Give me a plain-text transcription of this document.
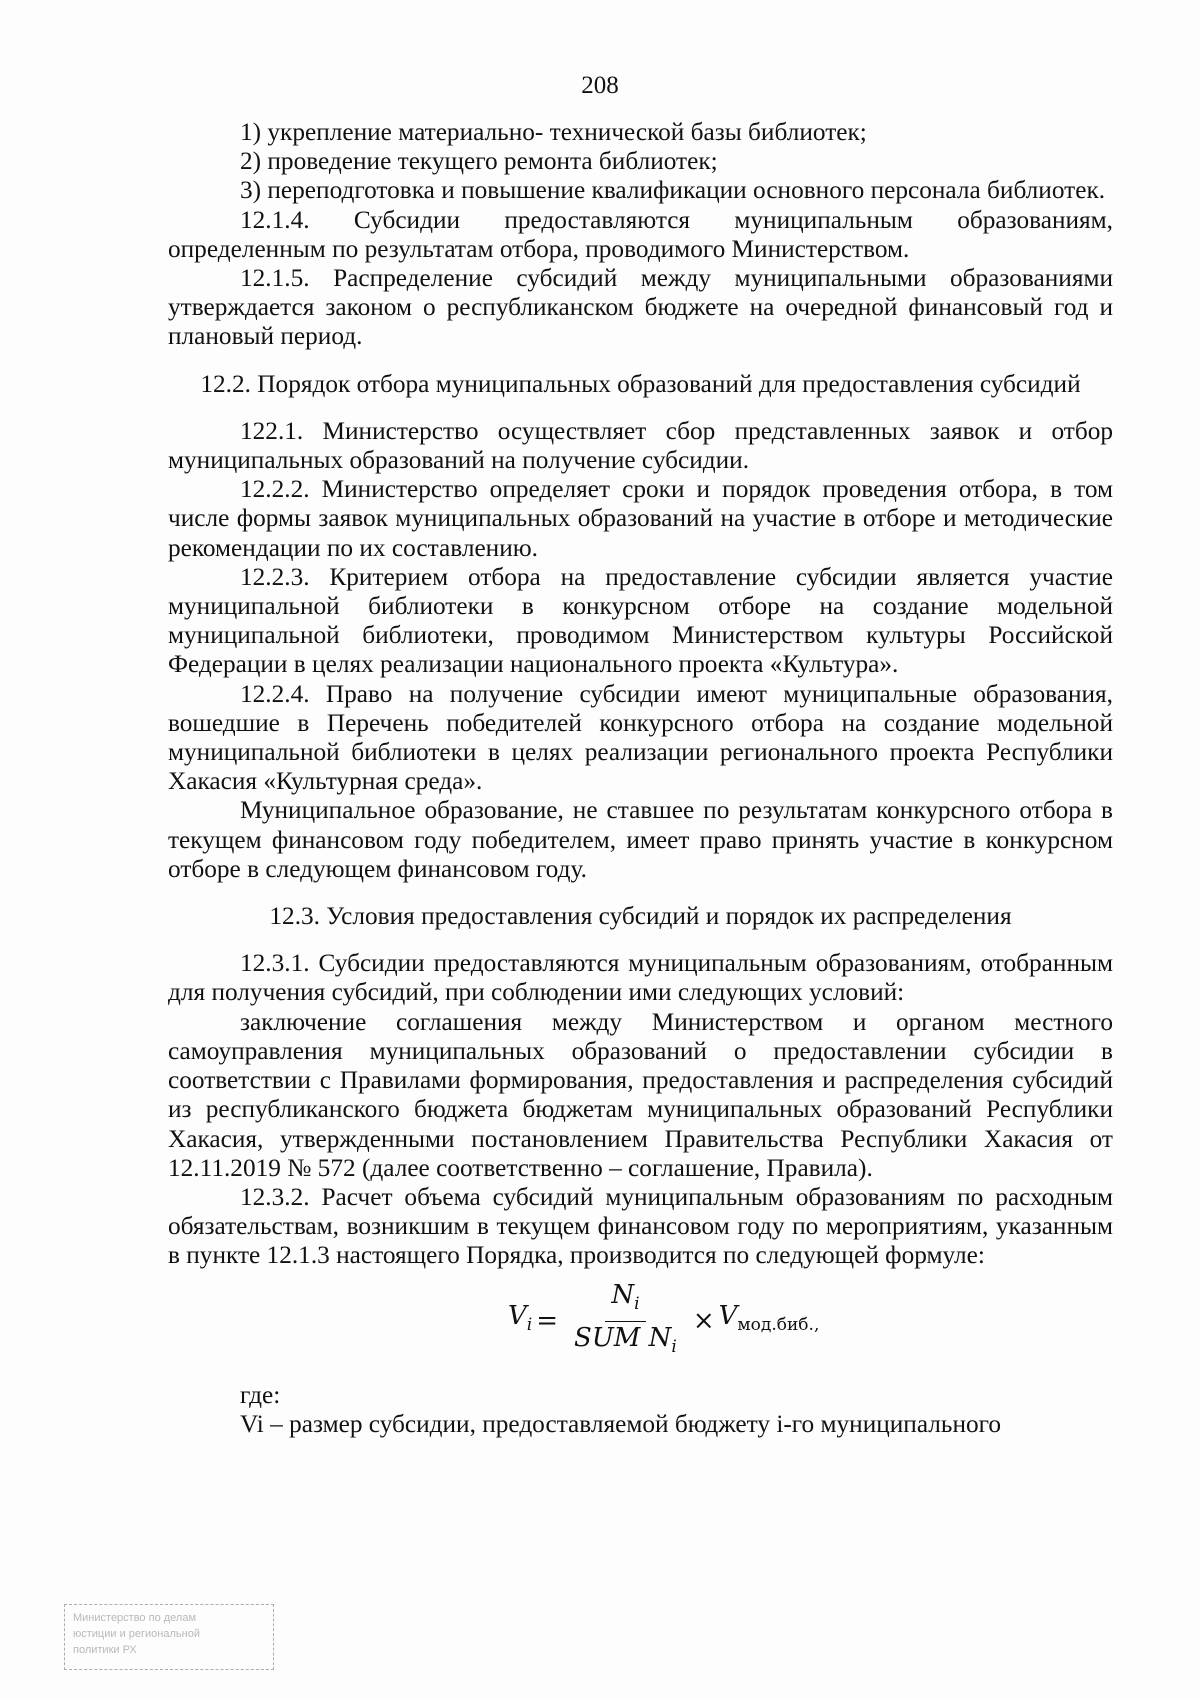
208

1) укрепление материально- технической базы библиотек;

2) проведение текущего ремонта библиотек;

3) переподготовка и повышение квалификации основного персонала библиотек.

12.1.4. Субсидии предоставляются муниципальным образованиям, определенным по результатам отбора, проводимого Министерством.

12.1.5. Распределение субсидий между муниципальными образованиями утверждается законом о республиканском бюджете на очередной финансовый год и плановый период.

12.2. Порядок отбора муниципальных образований для предоставления субсидий

122.1. Министерство осуществляет сбор представленных заявок и отбор муниципальных образований на получение субсидии.

12.2.2. Министерство определяет сроки и порядок проведения отбора, в том числе формы заявок муниципальных образований на участие в отборе и методические рекомендации по их составлению.

12.2.3. Критерием отбора на предоставление субсидии является участие муниципальной библиотеки в конкурсном отборе на создание модельной муниципальной библиотеки, проводимом Министерством культуры Российской Федерации в целях реализации национального проекта «Культура».

12.2.4. Право на получение субсидии имеют муниципальные образования, вошедшие в Перечень победителей конкурсного отбора на создание модельной муниципальной библиотеки в целях реализации регионального проекта Республики Хакасия «Культурная среда».

Муниципальное образование, не ставшее по результатам конкурсного отбора в текущем финансовом году победителем, имеет право принять участие в конкурсном отборе в следующем финансовом году.

12.3. Условия предоставления субсидий и порядок их распределения

12.3.1. Субсидии предоставляются муниципальным образованиям, отобранным для получения субсидий, при соблюдении ими следующих условий:

заключение соглашения между Министерством и органом местного самоуправления муниципальных образований о предоставлении субсидии в соответствии с Правилами формирования, предоставления и распределения субсидий из республиканского бюджета бюджетам муниципальных образований Республики Хакасия, утвержденными постановлением Правительства Республики Хакасия от 12.11.2019 № 572 (далее соответственно – соглашение, Правила).

12.3.2. Расчет объема субсидий муниципальным образованиям по расходным обязательствам, возникшим в текущем финансовом году по мероприятиям, указанным в пункте 12.1.3 настоящего Порядка, производится по следующей формуле:

$V_i = \frac{N_i}{SUM N_i} \times V_{мод.биб.,}$

где:

Vi – размер субсидии, предоставляемой бюджету i-го муниципального

Министерство по делам
юстиции и региональной
политики РХ
